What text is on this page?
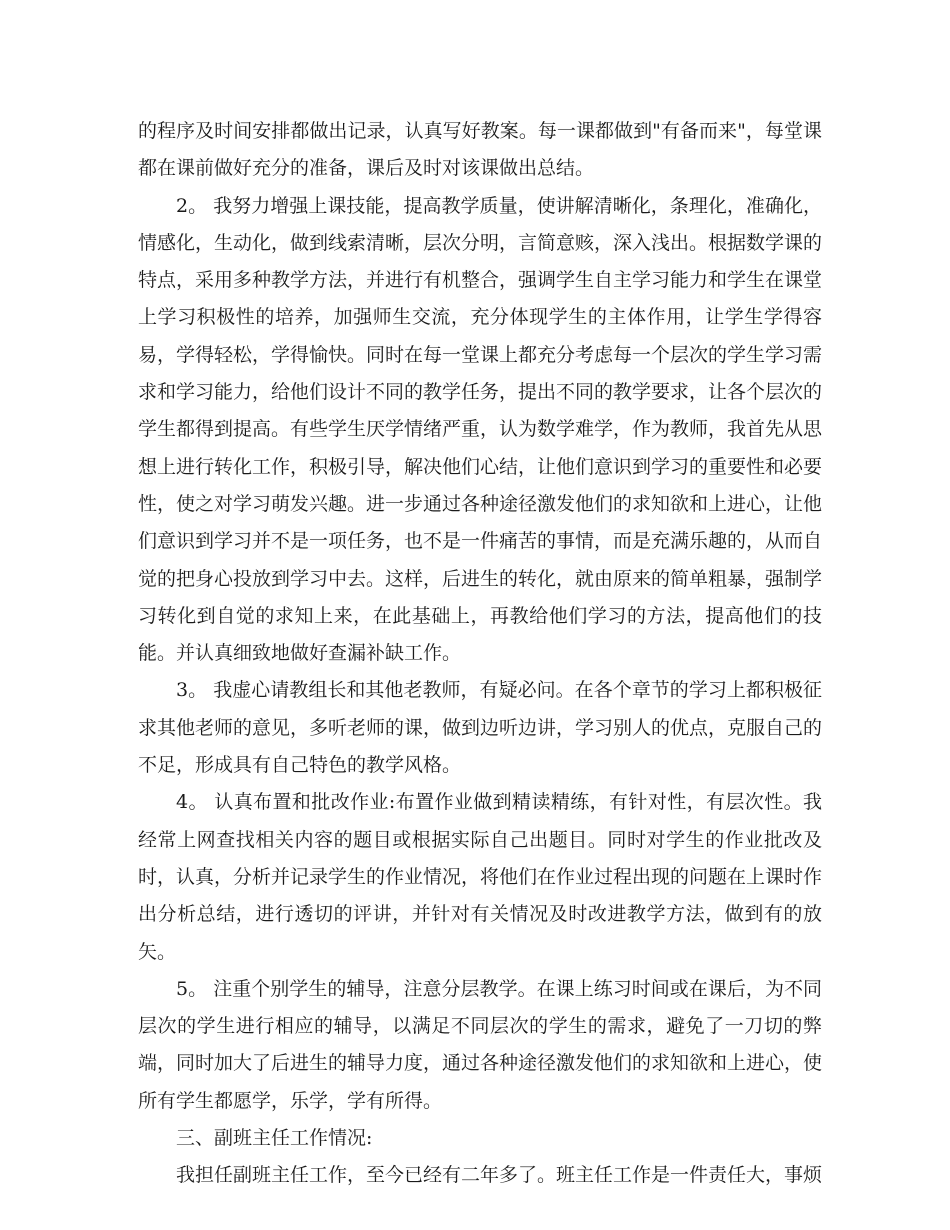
的程序及时间安排都做出记录，认真写好教案。每一课都做到"有备而来"，每堂课都在课前做好充分的准备，课后及时对该课做出总结。

2。 我努力增强上课技能，提高教学质量，使讲解清晰化，条理化，准确化，情感化，生动化，做到线索清晰，层次分明，言简意赅，深入浅出。根据数学课的特点，采用多种教学方法，并进行有机整合，强调学生自主学习能力和学生在课堂上学习积极性的培养，加强师生交流，充分体现学生的主体作用，让学生学得容易，学得轻松，学得愉快。同时在每一堂课上都充分考虑每一个层次的学生学习需求和学习能力，给他们设计不同的教学任务，提出不同的教学要求，让各个层次的学生都得到提高。有些学生厌学情绪严重，认为数学难学，作为教师，我首先从思想上进行转化工作，积极引导，解决他们心结，让他们意识到学习的重要性和必要性，使之对学习萌发兴趣。进一步通过各种途径激发他们的求知欲和上进心，让他们意识到学习并不是一项任务，也不是一件痛苦的事情，而是充满乐趣的，从而自觉的把身心投放到学习中去。这样，后进生的转化，就由原来的简单粗暴，强制学习转化到自觉的求知上来，在此基础上，再教给他们学习的方法，提高他们的技能。并认真细致地做好查漏补缺工作。

3。 我虚心请教组长和其他老教师，有疑必问。在各个章节的学习上都积极征求其他老师的意见，多听老师的课，做到边听边讲，学习别人的优点，克服自己的不足，形成具有自己特色的教学风格。

4。 认真布置和批改作业:布置作业做到精读精练，有针对性，有层次性。我经常上网查找相关内容的题目或根据实际自己出题目。同时对学生的作业批改及时，认真，分析并记录学生的作业情况，将他们在作业过程出现的问题在上课时作出分析总结，进行透切的评讲，并针对有关情况及时改进教学方法，做到有的放矢。

5。 注重个别学生的辅导，注意分层教学。在课上练习时间或在课后，为不同层次的学生进行相应的辅导，以满足不同层次的学生的需求，避免了一刀切的弊端，同时加大了后进生的辅导力度，通过各种途径激发他们的求知欲和上进心，使所有学生都愿学，乐学，学有所得。

三、副班主任工作情况:

我担任副班主任工作，至今已经有二年多了。班主任工作是一件责任大，事烦
